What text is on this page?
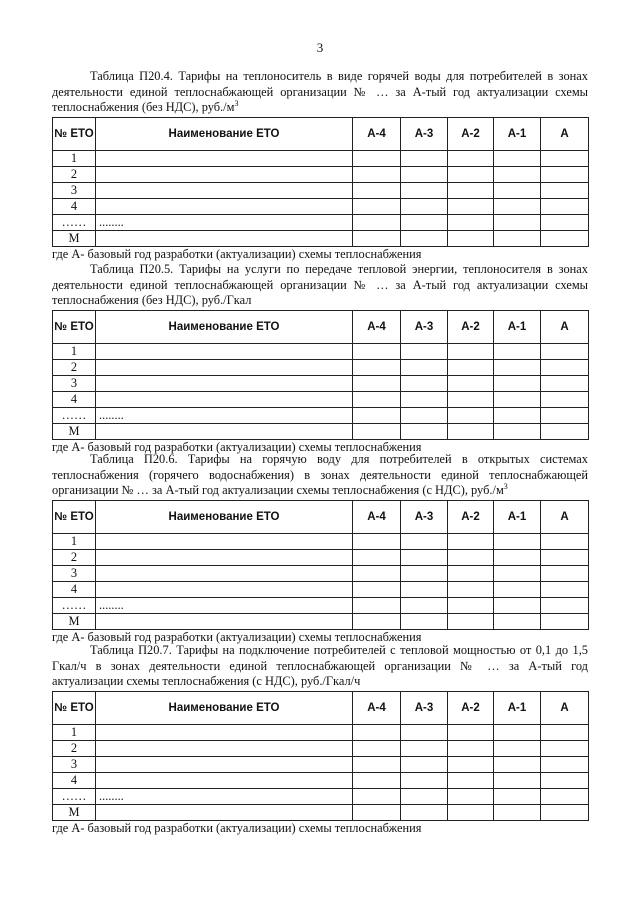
3

Таблица П20.4. Тарифы на теплоноситель в виде горячей воды для потребителей в зонах деятельности единой теплоснабжающей организации № … за А-тый год актуализации схемы теплоснабжения (без НДС), $руб./м^3$

№ ЕТО	Наименование ЕТО	А-4	А-3	А-2	А-1	А
1						
2						
3						
4						
……	........					
М						

где А- базовый год разработки (актуализации) схемы теплоснабжения

Таблица П20.5. Тарифы на услуги по передаче тепловой энергии, теплоносителя в зонах деятельности единой теплоснабжающей организации № … за А-тый год актуализации схемы теплоснабжения (без НДС), руб./Гкал

№ ЕТО	Наименование ЕТО	А-4	А-3	А-2	А-1	А
1						
2						
3						
4						
……	........					
М						

где А- базовый год разработки (актуализации) схемы теплоснабжения

Таблица П20.6. Тарифы на горячую воду для потребителей в открытых системах теплоснабжения (горячего водоснабжения) в зонах деятельности единой теплоснабжающей организации № … за А-тый год актуализации схемы теплоснабжения (с НДС), $руб./м^3$

№ ЕТО	Наименование ЕТО	А-4	А-3	А-2	А-1	А
1						
2						
3						
4						
……	........					
М						

где А- базовый год разработки (актуализации) схемы теплоснабжения

Таблица П20.7. Тарифы на подключение потребителей с тепловой мощностью от 0,1 до 1,5 Гкал/ч в зонах деятельности единой теплоснабжающей организации № … за А-тый год актуализации схемы теплоснабжения (с НДС), руб./Гкал/ч

№ ЕТО	Наименование ЕТО	А-4	А-3	А-2	А-1	А
1						
2						
3						
4						
……	........					
М						

где А- базовый год разработки (актуализации) схемы теплоснабжения
